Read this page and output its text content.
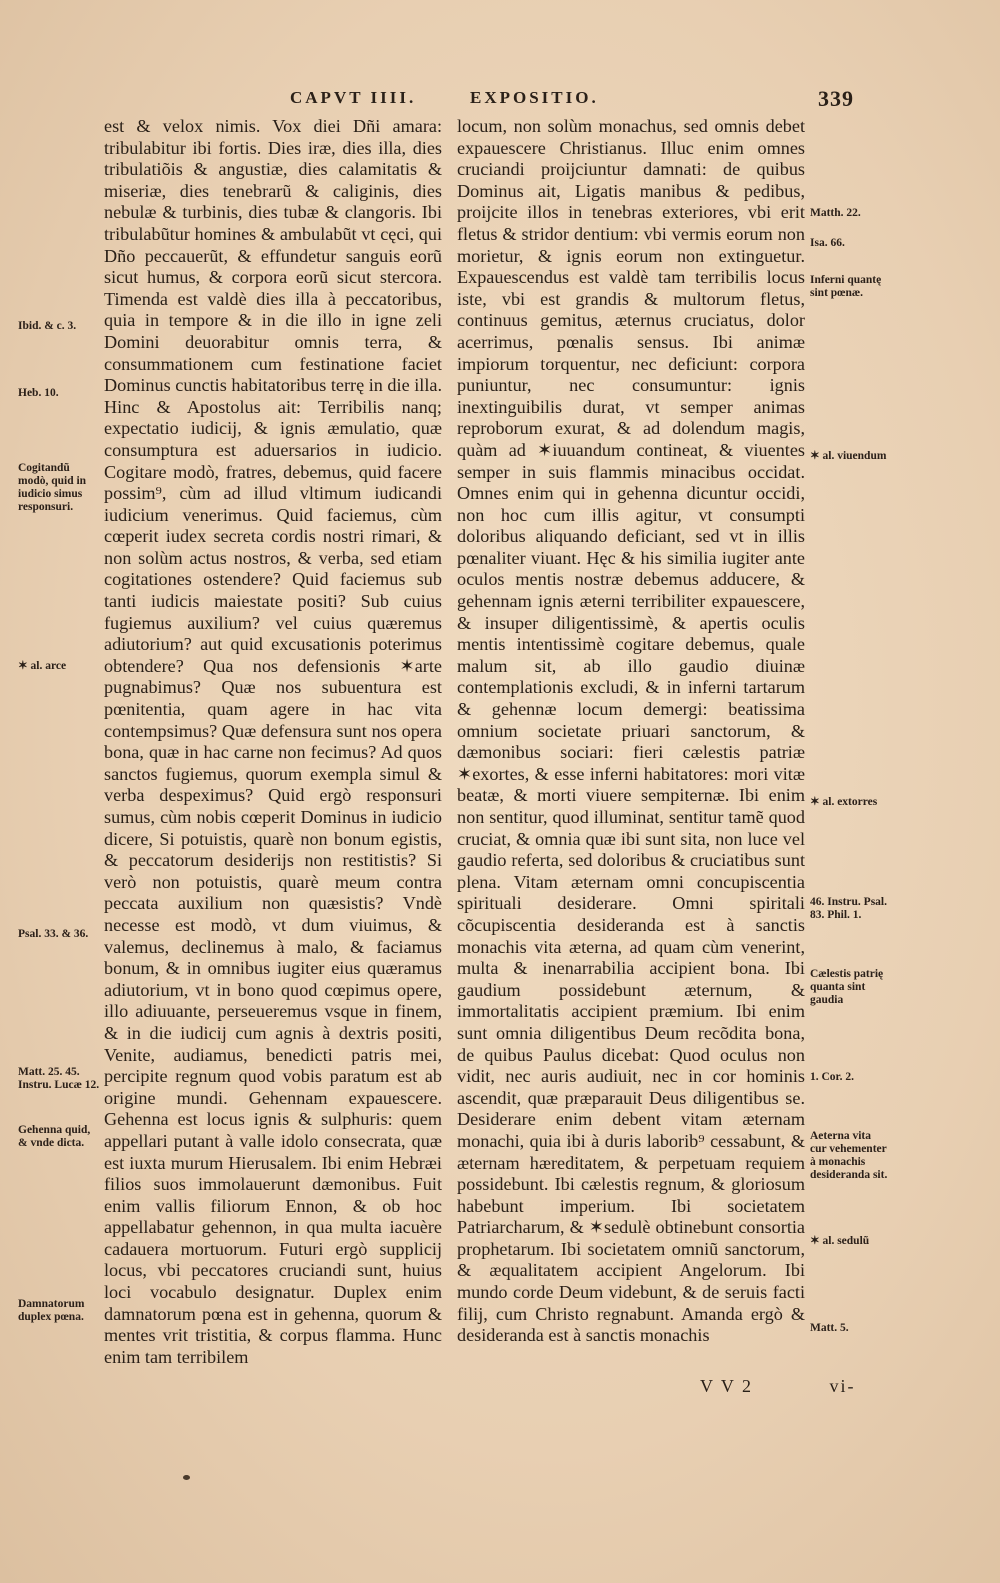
CAPVT IIII.	EXPOSITIO.	339

est & velox nimis. Vox diei Dñi amara: tribulabitur ibi fortis. Dies iræ, dies illa, dies tribulatiõis & angustiæ, dies calamitatis & miseriæ, dies tenebrarũ & caliginis, dies nebulæ & turbinis, dies tubæ & clangoris. Ibi tribulabũtur homines & ambulabũt vt cęci, qui Dño peccauerũt, & effundetur sanguis eorũ sicut humus, & corpora eorũ sicut stercora. Timenda est valdè dies illa à peccatoribus, quia in tempore & in die illo in igne zeli Domini deuorabitur omnis terra, & consummationem cum festinatione faciet Dominus cunctis habitatoribus terrę in die illa. Hinc & Apostolus ait: Terribilis nanq; expectatio iudicij, & ignis æmulatio, quæ consumptura est aduersarios in iudicio. Cogitare modò, fratres, debemus, quid facere possim⁹, cùm ad illud vltimum iudicandi iudicium venerimus. Quid faciemus, cùm cœperit iudex secreta cordis nostri rimari, & non solùm actus nostros, & verba, sed etiam cogitationes ostendere? Quid faciemus sub tanti iudicis maiestate positi? Sub cuius fugiemus auxilium? vel cuius quæremus adiutorium? aut quid excusationis poterimus obtendere? Qua nos defensionis ✶arte pugnabimus? Quæ nos subuentura est pœnitentia, quam agere in hac vita contempsimus? Quæ defensura sunt nos opera bona, quæ in hac carne non fecimus? Ad quos sanctos fugiemus, quorum exempla simul & verba despeximus? Quid ergò responsuri sumus, cùm nobis cœperit Dominus in iudicio dicere, Si potuistis, quarè non bonum egistis, & peccatorum desiderijs non restitistis? Si verò non potuistis, quarè meum contra peccata auxilium non quæsistis? Vndè necesse est modò, vt dum viuimus, & valemus, declinemus à malo, & faciamus bonum, & in omnibus iugiter eius quæramus adiutorium, vt in bono quod cœpimus opere, illo adiuuante, perseueremus vsque in finem, & in die iudicij cum agnis à dextris positi, Venite, audiamus, benedicti patris mei, percipite regnum quod vobis paratum est ab origine mundi. Gehennam expauescere. Gehenna est locus ignis & sulphuris: quem appellari putant à valle idolo consecrata, quæ est iuxta murum Hierusalem. Ibi enim Hebræi filios suos immolauerunt dæmonibus. Fuit enim vallis filiorum Ennon, & ob hoc appellabatur gehennon, in qua multa iacuère cadauera mortuorum. Futuri ergò supplicij locus, vbi peccatores cruciandi sunt, huius loci vocabulo designatur. Duplex enim damnatorum pœna est in gehenna, quorum & mentes vrit tristitia, & corpus flamma. Hunc enim tam terribilem

locum, non solùm monachus, sed omnis debet expauescere Christianus. Illuc enim omnes cruciandi proijciuntur damnati: de quibus Dominus ait, Ligatis manibus & pedibus, proijcite illos in tenebras exteriores, vbi erit fletus & stridor dentium: vbi vermis eorum non morietur, & ignis eorum non extinguetur. Expauescendus est valdè tam terribilis locus iste, vbi est grandis & multorum fletus, continuus gemitus, æternus cruciatus, dolor acerrimus, pœnalis sensus. Ibi animæ impiorum torquentur, nec deficiunt: corpora puniuntur, nec consumuntur: ignis inextinguibilis durat, vt semper animas reproborum exurat, & ad dolendum magis, quàm ad ✶iuuandum contineat, & viuentes semper in suis flammis minacibus occidat. Omnes enim qui in gehenna dicuntur occidi, non hoc cum illis agitur, vt consumpti doloribus aliquando deficiant, sed vt in illis pœnaliter viuant. Hęc & his similia iugiter ante oculos mentis nostræ debemus adducere, & gehennam ignis æterni terribiliter expauescere, & insuper diligentissimè, & apertis oculis mentis intentissimè cogitare debemus, quale malum sit, ab illo gaudio diuinæ contemplationis excludi, & in inferni tartarum & gehennæ locum demergi: beatissima omnium societate priuari sanctorum, & dæmonibus sociari: fieri cælestis patriæ ✶exortes, & esse inferni habitatores: mori vitæ beatæ, & morti viuere sempiternæ. Ibi enim non sentitur, quod illuminat, sentitur tamẽ quod cruciat, & omnia quæ ibi sunt sita, non luce vel gaudio referta, sed doloribus & cruciatibus sunt plena. Vitam æternam omni concupiscentia spirituali desiderare. Omni spiritali cõcupiscentia desideranda est à sanctis monachis vita æterna, ad quam cùm venerint, multa & inenarrabilia accipient bona. Ibi gaudium possidebunt æternum, & immortalitatis accipient præmium. Ibi enim sunt omnia diligentibus Deum recõdita bona, de quibus Paulus dicebat: Quod oculus non vidit, nec auris audiuit, nec in cor hominis ascendit, quæ præparauit Deus diligentibus se. Desiderare enim debent vitam æternam monachi, quia ibi à duris laborib⁹ cessabunt, & æternam hæreditatem, & perpetuam requiem possidebunt. Ibi cælestis regnum, & gloriosum habebunt imperium. Ibi societatem Patriarcharum, & ✶sedulè obtinebunt consortia prophetarum. Ibi societatem omniũ sanctorum, & æqualitatem accipient Angelorum. Ibi mundo corde Deum videbunt, & de seruis facti filij, cum Christo regnabunt. Amanda ergò & desideranda est à sanctis monachis

Ibid. & c. 3.
Heb. 10.
Cogitandũ modò, quid in iudicio simus responsuri.
✶ al. arce
Psal. 33. & 36.
Matt. 25. 45. Instru. Lucæ 12.
Gehenna quid, & vnde dicta.
Damnatorum duplex pœna.
Matth. 22.
Isa. 66.
Inferni quantę sint pœnæ.
✶ al. viuendum
✶ al. extorres
46. Instru. Psal. 83. Phil. 1.
Cælestis patrię quanta sint gaudia
1. Cor. 2.
Aeterna vita cur vehementer à monachis desideranda sit.
✶ al. sedulũ
Matt. 5.
V V 2	vi-
